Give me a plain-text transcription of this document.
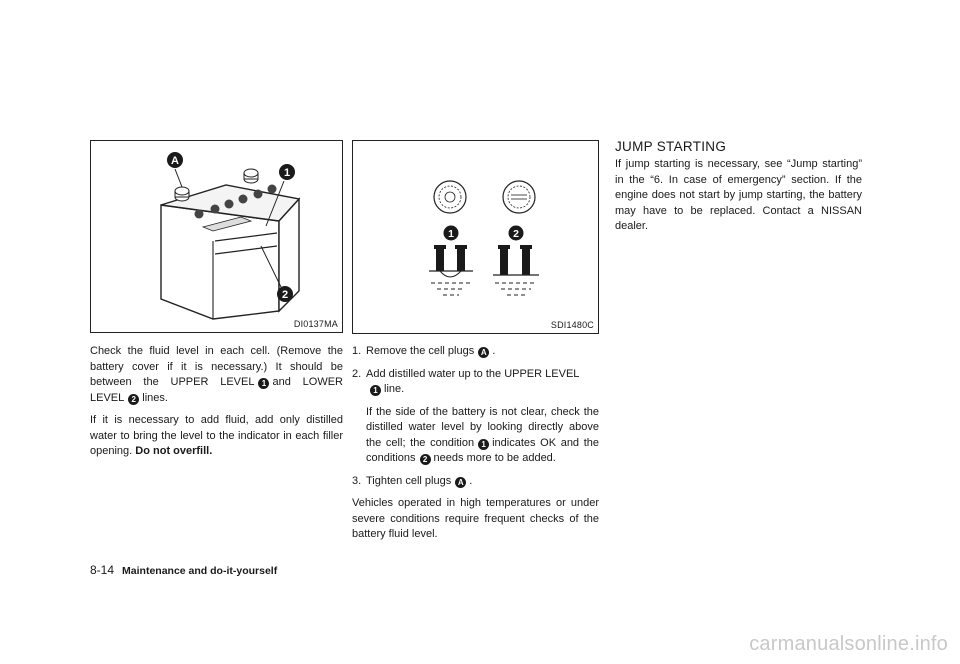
A
1
2
DI0137MA

Check the fluid level in each cell. (Remove the battery cover if it is necessary.) It should be between the UPPER LEVEL 1 and LOWER LEVEL 2 lines.

If it is necessary to add fluid, add only distilled water to bring the level to the indicator in each filler opening. Do not overfill.

1	2
SDI1480C
1. Remove the cell plugs A .
2. Add distilled water up to the UPPER LEVEL
1 line.
If the side of the battery is not clear, check the distilled water level by looking directly above the cell; the condition 1 indicates OK and the conditions 2 needs more to be added.
3. Tighten cell plugs A .

Vehicles operated in high temperatures or under severe conditions require frequent checks of the battery fluid level.

JUMP STARTING

If jump starting is necessary, see “Jump starting” in the “6. In case of emergency” section. If the engine does not start by jump starting, the battery may have to be replaced. Contact a NISSAN dealer.

8-14 Maintenance and do-it-yourself
carmanualsonline.info
